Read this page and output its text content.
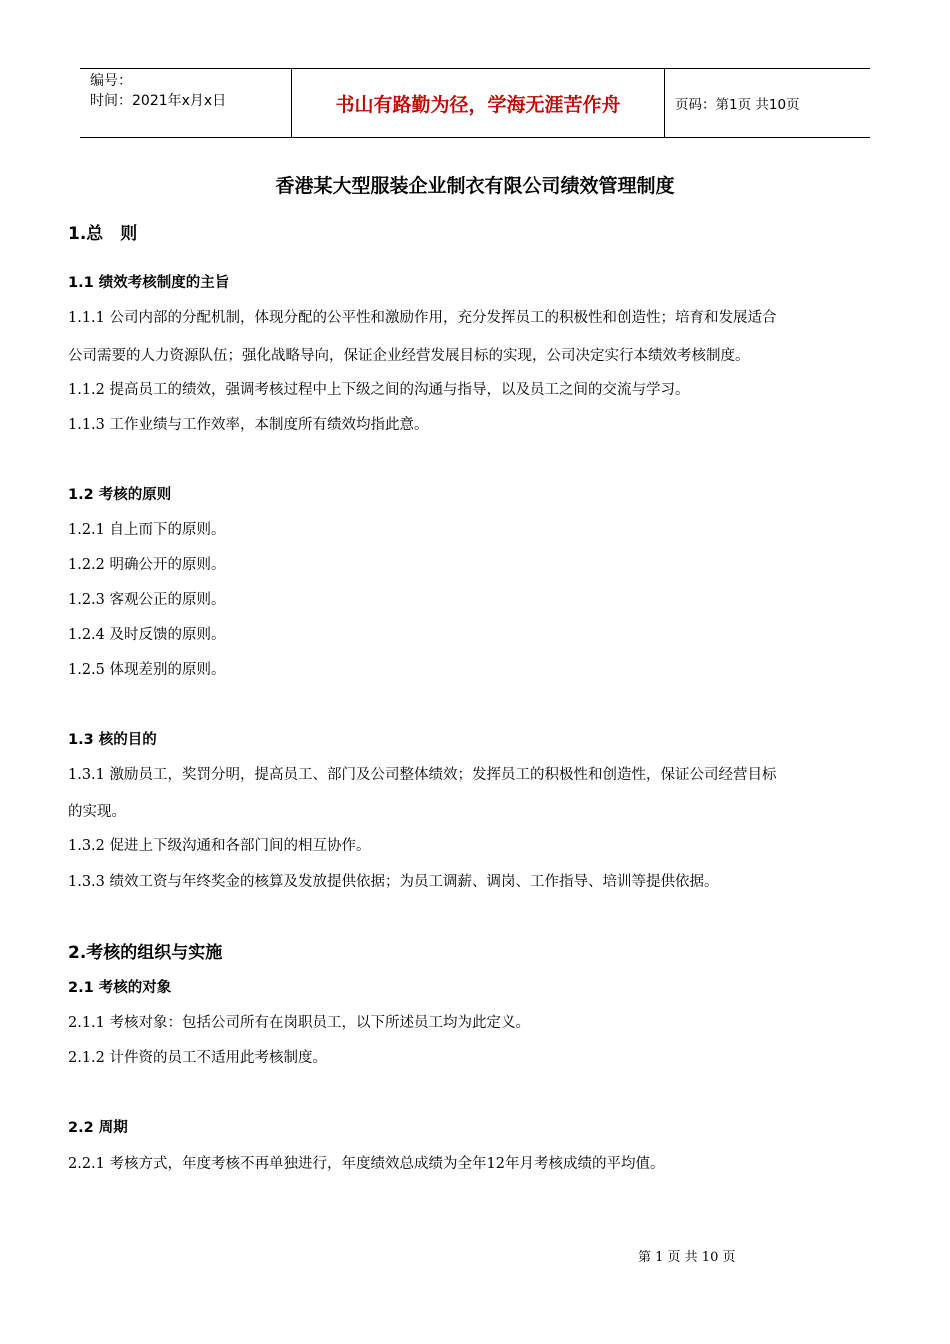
编号：
时间：2021年x月x日	书山有路勤为径，学海无涯苦作舟	页码：第1页 共10页
香港某大型服装企业制衣有限公司绩效管理制度
1.总　则
1.1 绩效考核制度的主旨
1.1.1 公司内部的分配机制，体现分配的公平性和激励作用，充分发挥员工的积极性和创造性；培育和发展适合
公司需要的人力资源队伍；强化战略导向，保证企业经营发展目标的实现，公司决定实行本绩效考核制度。
1.1.2 提高员工的绩效，强调考核过程中上下级之间的沟通与指导，以及员工之间的交流与学习。
1.1.3 工作业绩与工作效率，本制度所有绩效均指此意。
1.2 考核的原则
1.2.1 自上而下的原则。
1.2.2 明确公开的原则。
1.2.3 客观公正的原则。
1.2.4 及时反馈的原则。
1.2.5 体现差别的原则。
1.3 核的目的
1.3.1 激励员工，奖罚分明，提高员工、部门及公司整体绩效；发挥员工的积极性和创造性，保证公司经营目标
的实现。
1.3.2 促进上下级沟通和各部门间的相互协作。
1.3.3 绩效工资与年终奖金的核算及发放提供依据；为员工调薪、调岗、工作指导、培训等提供依据。
2.考核的组织与实施
2.1 考核的对象
2.1.1 考核对象：包括公司所有在岗职员工，以下所述员工均为此定义。
2.1.2 计件资的员工不适用此考核制度。
2.2 周期
2.2.1 考核方式，年度考核不再单独进行，年度绩效总成绩为全年12年月考核成绩的平均值。
第 1 页 共 10 页
